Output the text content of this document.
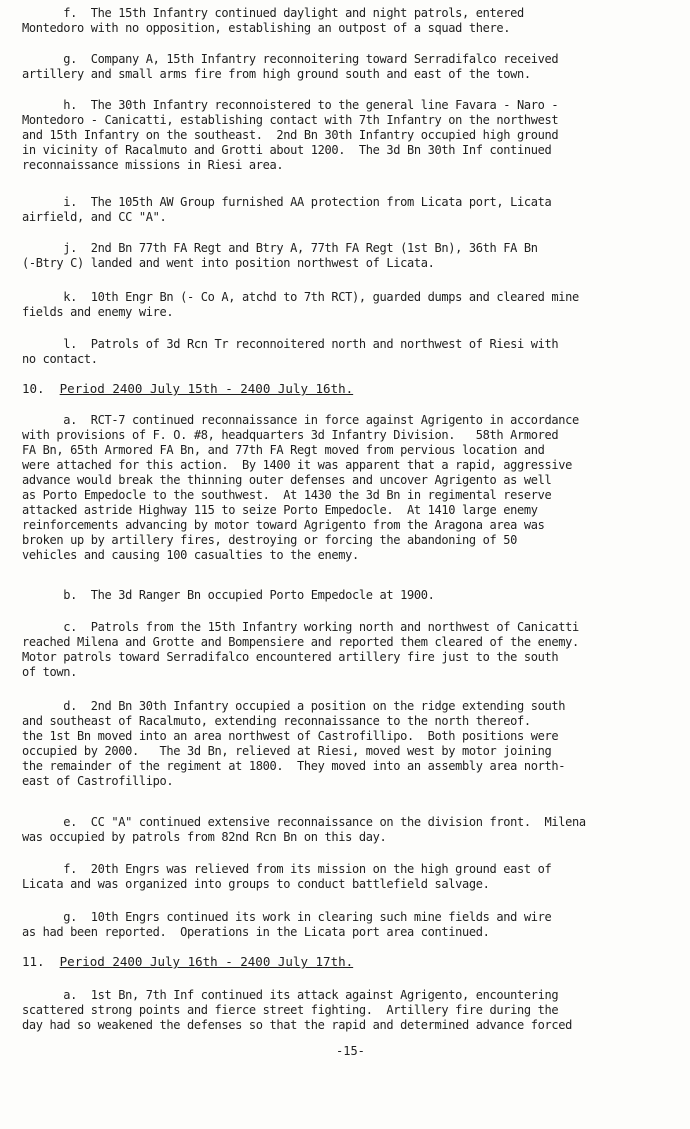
-15-
f.  The 15th Infantry continued daylight and night patrols, entered
Montedoro with no opposition, establishing an outpost of a squad there.
g.  Company A, 15th Infantry reconnoitering toward Serradifalco received
artillery and small arms fire from high ground south and east of the town.
h.  The 30th Infantry reconnoistered to the general line Favara - Naro -
Montedoro - Canicatti, establishing contact with 7th Infantry on the northwest
and 15th Infantry on the southeast.  2nd Bn 30th Infantry occupied high ground
in vicinity of Racalmuto and Grotti about 1200.  The 3d Bn 30th Inf continued
reconnaissance missions in Riesi area.
i.  The 105th AW Group furnished AA protection from Licata port, Licata
airfield, and CC "A".
j.  2nd Bn 77th FA Regt and Btry A, 77th FA Regt (1st Bn), 36th FA Bn
(-Btry C) landed and went into position northwest of Licata.
k.  10th Engr Bn (- Co A, atchd to 7th RCT), guarded dumps and cleared mine
fields and enemy wire.
l.  Patrols of 3d Rcn Tr reconnoitered north and northwest of Riesi with
no contact.
10. Period 2400 July 15th - 2400 July 16th.
a.  RCT-7 continued reconnaissance in force against Agrigento in accordance
with provisions of F. O. #8, headquarters 3d Infantry Division.   58th Armored
FA Bn, 65th Armored FA Bn, and 77th FA Regt moved from pervious location and
were attached for this action.  By 1400 it was apparent that a rapid, aggressive
advance would break the thinning outer defenses and uncover Agrigento as well
as Porto Empedocle to the southwest.  At 1430 the 3d Bn in regimental reserve
attacked astride Highway 115 to seize Porto Empedocle.  At 1410 large enemy
reinforcements advancing by motor toward Agrigento from the Aragona area was
broken up by artillery fires, destroying or forcing the abandoning of 50
vehicles and causing 100 casualties to the enemy.
b.  The 3d Ranger Bn occupied Porto Empedocle at 1900.
c.  Patrols from the 15th Infantry working north and northwest of Canicatti
reached Milena and Grotte and Bompensiere and reported them cleared of the enemy.
Motor patrols toward Serradifalco encountered artillery fire just to the south
of town.
d.  2nd Bn 30th Infantry occupied a position on the ridge extending south
and southeast of Racalmuto, extending reconnaissance to the north thereof.
the 1st Bn moved into an area northwest of Castrofillipo.  Both positions were
occupied by 2000.   The 3d Bn, relieved at Riesi, moved west by motor joining
the remainder of the regiment at 1800.  They moved into an assembly area north-
east of Castrofillipo.
e.  CC "A" continued extensive reconnaissance on the division front.  Milena
was occupied by patrols from 82nd Rcn Bn on this day.
f.  20th Engrs was relieved from its mission on the high ground east of
Licata and was organized into groups to conduct battlefield salvage.
g.  10th Engrs continued its work in clearing such mine fields and wire
as had been reported.  Operations in the Licata port area continued.
11. Period 2400 July 16th - 2400 July 17th.
a.  1st Bn, 7th Inf continued its attack against Agrigento, encountering
scattered strong points and fierce street fighting.  Artillery fire during the
day had so weakened the defenses so that the rapid and determined advance forced
